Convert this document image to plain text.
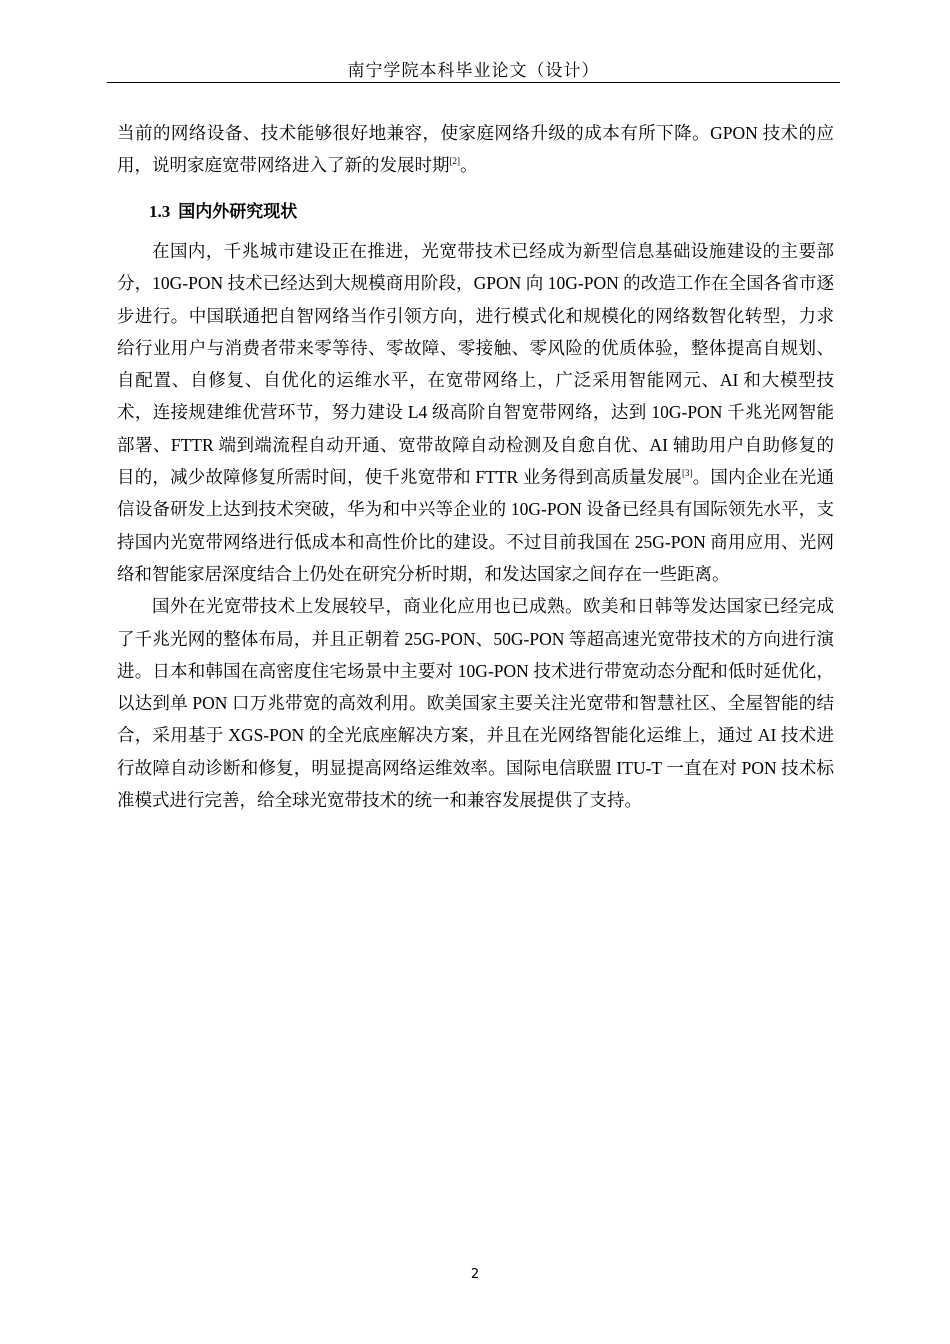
南宁学院本科毕业论文（设计）

当前的网络设备、技术能够很好地兼容，使家庭网络升级的成本有所下降。GPON 技术的应用，说明家庭宽带网络进入了新的发展时期[2]。

1.3 国内外研究现状

在国内，千兆城市建设正在推进，光宽带技术已经成为新型信息基础设施建设的主要部分，10G-PON 技术已经达到大规模商用阶段，GPON 向 10G-PON 的改造工作在全国各省市逐步进行。中国联通把自智网络当作引领方向，进行模式化和规模化的网络数智化转型，力求给行业用户与消费者带来零等待、零故障、零接触、零风险的优质体验，整体提高自规划、自配置、自修复、自优化的运维水平，在宽带网络上，广泛采用智能网元、AI 和大模型技术，连接规建维优营环节，努力建设 L4 级高阶自智宽带网络，达到 10G-PON 千兆光网智能部署、FTTR 端到端流程自动开通、宽带故障自动检测及自愈自优、AI 辅助用户自助修复的目的，减少故障修复所需时间，使千兆宽带和 FTTR 业务得到高质量发展[3]。国内企业在光通信设备研发上达到技术突破，华为和中兴等企业的 10G-PON 设备已经具有国际领先水平，支持国内光宽带网络进行低成本和高性价比的建设。不过目前我国在 25G-PON 商用应用、光网络和智能家居深度结合上仍处在研究分析时期，和发达国家之间存在一些距离。

国外在光宽带技术上发展较早，商业化应用也已成熟。欧美和日韩等发达国家已经完成了千兆光网的整体布局，并且正朝着 25G-PON、50G-PON 等超高速光宽带技术的方向进行演进。日本和韩国在高密度住宅场景中主要对 10G-PON 技术进行带宽动态分配和低时延优化，以达到单 PON 口万兆带宽的高效利用。欧美国家主要关注光宽带和智慧社区、全屋智能的结合，采用基于 XGS-PON 的全光底座解决方案，并且在光网络智能化运维上，通过 AI 技术进行故障自动诊断和修复，明显提高网络运维效率。国际电信联盟 ITU-T 一直在对 PON 技术标准模式进行完善，给全球光宽带技术的统一和兼容发展提供了支持。

2
